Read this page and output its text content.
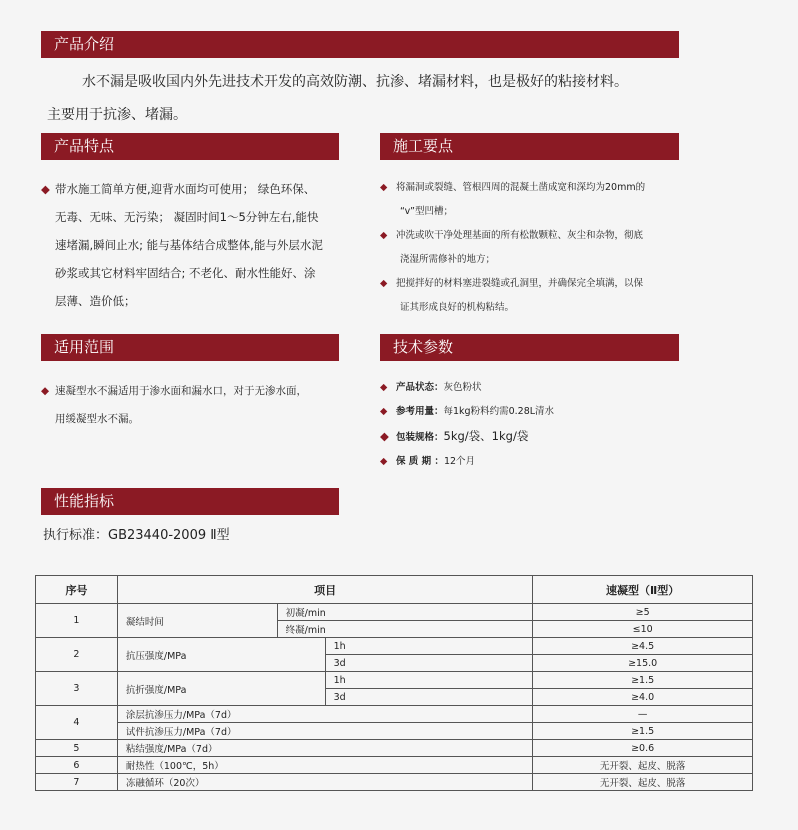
产品介绍
水不漏是吸收国内外先进技术开发的高效防潮、抗渗、堵漏材料，也是极好的粘接材料。
主要用于抗渗、堵漏。
产品特点
◆ 带水施工简单方便,迎背水面均可使用； 绿色环保、
无毒、无味、无污染； 凝固时间1～5分钟左右,能快
速堵漏,瞬间止水; 能与基体结合成整体,能与外层水泥
砂浆或其它材料牢固结合; 不老化、耐水性能好、涂
层薄、造价低；
施工要点
◆ 将漏洞或裂缝、管根四周的混凝土凿成宽和深均为20mm的
“v”型凹槽；
◆ 冲洗或吹干净处理基面的所有松散颗粒、灰尘和杂物，彻底
浇湿所需修补的地方；
◆ 把搅拌好的材料塞进裂缝或孔洞里，并确保完全填满，以保
证其形成良好的机构粘结。
适用范围
◆ 速凝型水不漏适用于渗水面和漏水口，对于无渗水面，
用缓凝型水不漏。
技术参数
◆ 产品状态：灰色粉状
◆ 参考用量：每1kg粉料约需0.28L清水
◆ 包装规格：5kg/袋、1kg/袋
◆ 保 质 期 ：12个月
性能指标
执行标准：GB23440-2009 Ⅱ型
序号	项目			速凝型（Ⅱ型）
1	凝结时间	初凝/min		≥5
		终凝/min		≤10
2	抗压强度/MPa		1h	≥4.5
			3d	≥15.0
3	抗折强度/MPa		1h	≥1.5
			3d	≥4.0
4	涂层抗渗压力/MPa（7d）			—
	试件抗渗压力/MPa（7d）			≥1.5
5	粘结强度/MPa（7d）			≥0.6
6	耐热性（100℃，5h）			无开裂、起皮、脱落
7	冻融循环（20次）			无开裂、起皮、脱落
